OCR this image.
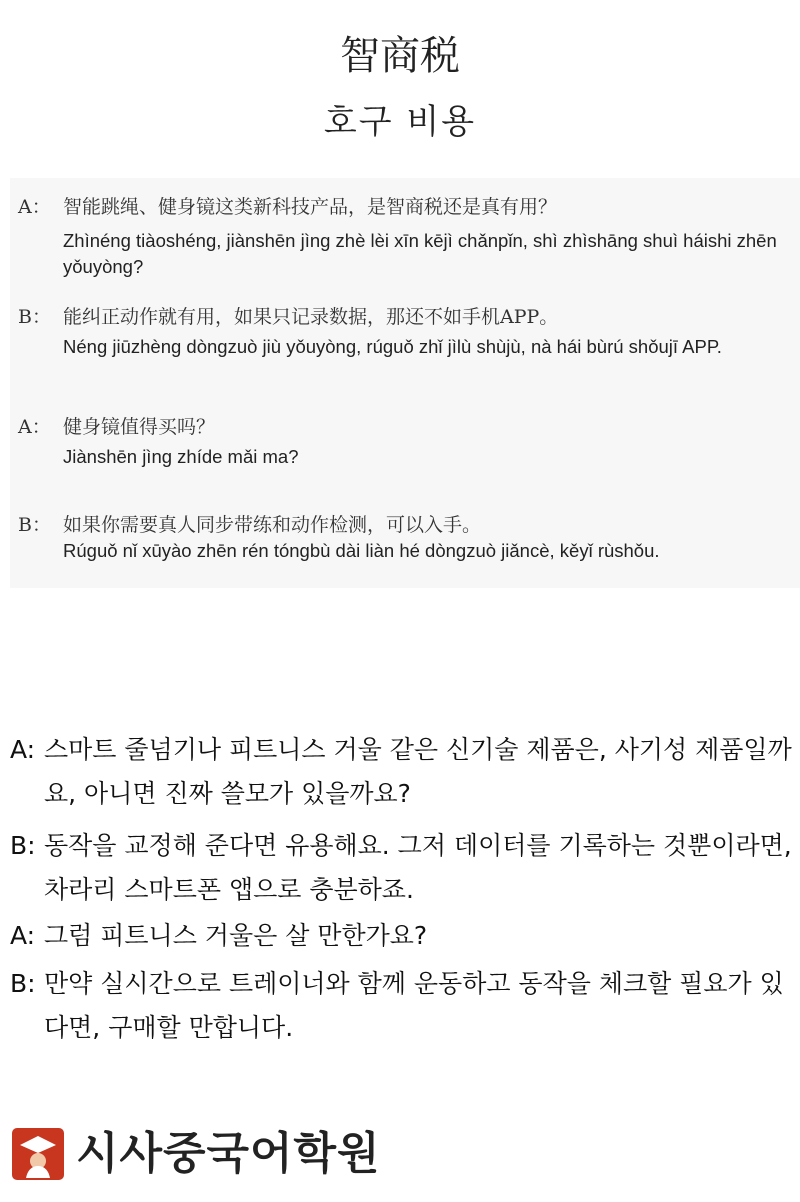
智商税
호구 비용
A： 智能跳绳、健身镜这类新科技产品，是智商税还是真有用？
Zhìnéng tiàoshéng, jiànshēn jìng zhè lèi xīn kējì chǎnpǐn, shì zhìshāng shuì háishi zhēn yǒuyòng?
B： 能纠正动作就有用，如果只记录数据，那还不如手机APP。
Néng jiūzhèng dòngzuò jiù yǒuyòng, rúguǒ zhǐ jìlù shùjù, nà hái bùrú shǒujī APP.
A： 健身镜值得买吗？
Jiànshēn jìng zhíde mǎi ma?
B： 如果你需要真人同步带练和动作检测，可以入手。
Rúguǒ nǐ xūyào zhēn rén tóngbù dài liàn hé dòngzuò jiǎncè, kěyǐ rùshǒu.
A: 스마트 줄넘기나 피트니스 거울 같은 신기술 제품은, 사기성 제품일까요, 아니면 진짜 쓸모가 있을까요?
B: 동작을 교정해 준다면 유용해요. 그저 데이터를 기록하는 것뿐이라면, 차라리 스마트폰 앱으로 충분하죠.
A: 그럼 피트니스 거울은 살 만한가요?
B: 만약 실시간으로 트레이너와 함께 운동하고 동작을 체크할 필요가 있다면, 구매할 만합니다.
시사중국어학원
